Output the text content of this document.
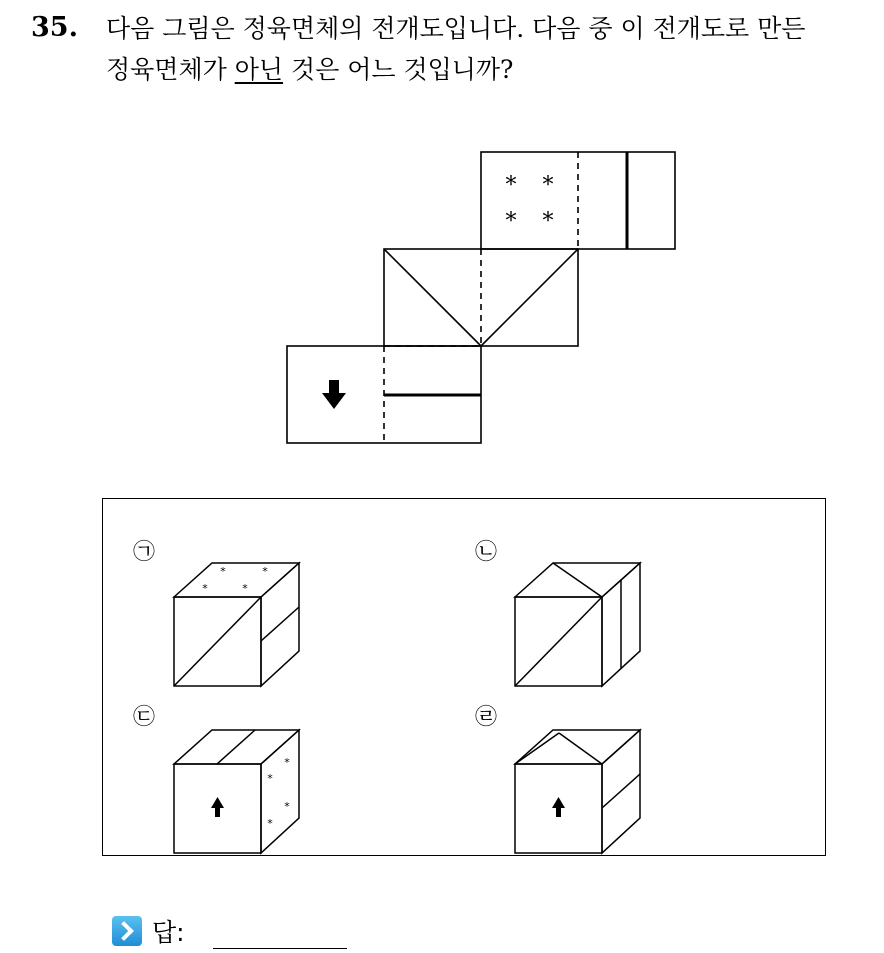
35. 다음 그림은 정육면체의 전개도입니다. 다음 중 이 전개도로 만든
정육면체가 아닌 것은 어느 것입니까?
* *
* *
*	*
*	*
*
*
*
*
㉠	㉡
㉢	㉣
답:
